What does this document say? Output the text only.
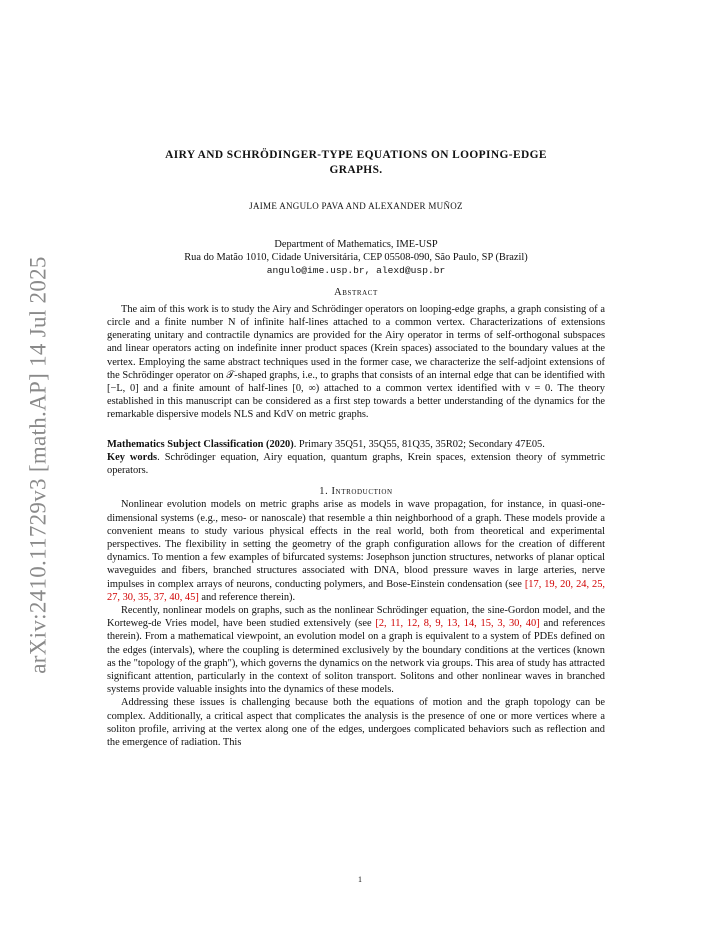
arXiv:2410.11729v3 [math.AP] 14 Jul 2025
AIRY AND SCHRÖDINGER-TYPE EQUATIONS ON LOOPING-EDGE GRAPHS.
JAIME ANGULO PAVA AND ALEXANDER MUÑOZ
Department of Mathematics, IME-USP
Rua do Matão 1010, Cidade Universitária, CEP 05508-090, São Paulo, SP (Brazil)
angulo@ime.usp.br, alexd@usp.br
Abstract
The aim of this work is to study the Airy and Schrödinger operators on looping-edge graphs, a graph consisting of a circle and a finite number N of infinite half-lines attached to a common vertex. Characterizations of extensions generating unitary and contractile dynamics are provided for the Airy operator in terms of self-orthogonal subspaces and linear operators acting on indefinite inner product spaces (Krein spaces) associated to the boundary values at the vertex. Employing the same abstract techniques used in the former case, we characterize the self-adjoint extensions of the Schrödinger operator on 𝒯-shaped graphs, i.e., to graphs that consists of an internal edge that can be identified with [−L, 0] and a finite amount of half-lines [0, ∞) attached to a common vertex identified with ν = 0. The theory established in this manuscript can be considered as a first step towards a better understanding of the dynamics for the remarkable dispersive models NLS and KdV on metric graphs.
Mathematics Subject Classification (2020). Primary 35Q51, 35Q55, 81Q35, 35R02; Secondary 47E05.
Key words. Schrödinger equation, Airy equation, quantum graphs, Krein spaces, extension theory of symmetric operators.
1. Introduction
Nonlinear evolution models on metric graphs arise as models in wave propagation, for instance, in quasi-one-dimensional systems (e.g., meso- or nanoscale) that resemble a thin neighborhood of a graph. These models provide a convenient means to study various physical effects in the real world, both from theoretical and experimental perspectives. The flexibility in setting the geometry of the graph configuration allows for the creation of different dynamics. To mention a few examples of bifurcated systems: Josephson junction structures, networks of planar optical waveguides and fibers, branched structures associated with DNA, blood pressure waves in large arteries, nerve impulses in complex arrays of neurons, conducting polymers, and Bose-Einstein condensation (see [17, 19, 20, 24, 25, 27, 30, 35, 37, 40, 45] and reference therein).
Recently, nonlinear models on graphs, such as the nonlinear Schrödinger equation, the sine-Gordon model, and the Korteweg-de Vries model, have been studied extensively (see [2, 11, 12, 8, 9, 13, 14, 15, 3, 30, 40] and references therein). From a mathematical viewpoint, an evolution model on a graph is equivalent to a system of PDEs defined on the edges (intervals), where the coupling is determined exclusively by the boundary conditions at the vertices (known as the "topology of the graph"), which governs the dynamics on the network via groups. This area of study has attracted significant attention, particularly in the context of soliton transport. Solitons and other nonlinear waves in branched systems provide valuable insights into the dynamics of these models.
Addressing these issues is challenging because both the equations of motion and the graph topology can be complex. Additionally, a critical aspect that complicates the analysis is the presence of one or more vertices where a soliton profile, arriving at the vertex along one of the edges, undergoes complicated behaviors such as reflection and the emergence of radiation. This
1
